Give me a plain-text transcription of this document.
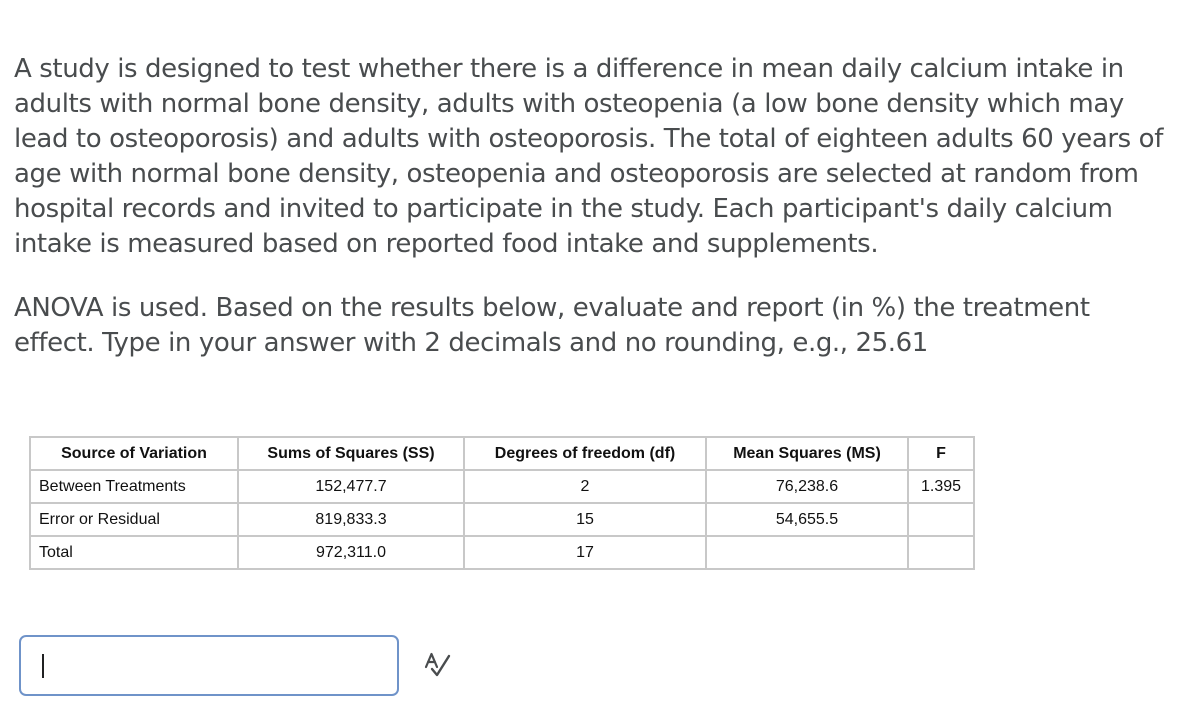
A study is designed to test whether there is a difference in mean daily calcium intake in adults with normal bone density, adults with osteopenia (a low bone density which may lead to osteoporosis) and adults with osteoporosis. The total of eighteen adults 60 years of age with normal bone density, osteopenia and osteoporosis are selected at random from hospital records and invited to participate in the study. Each participant's daily calcium intake is measured based on reported food intake and supplements.

ANOVA is used. Based on the results below, evaluate and report (in %) the treatment effect. Type in your answer with 2 decimals and no rounding, e.g., 25.61

Source of Variation	Sums of Squares (SS)	Degrees of freedom (df)	Mean Squares (MS)	F
Between Treatments	152,477.7	2	76,238.6	1.395
Error or Residual	819,833.3	15	54,655.5	
Total	972,311.0	17		
